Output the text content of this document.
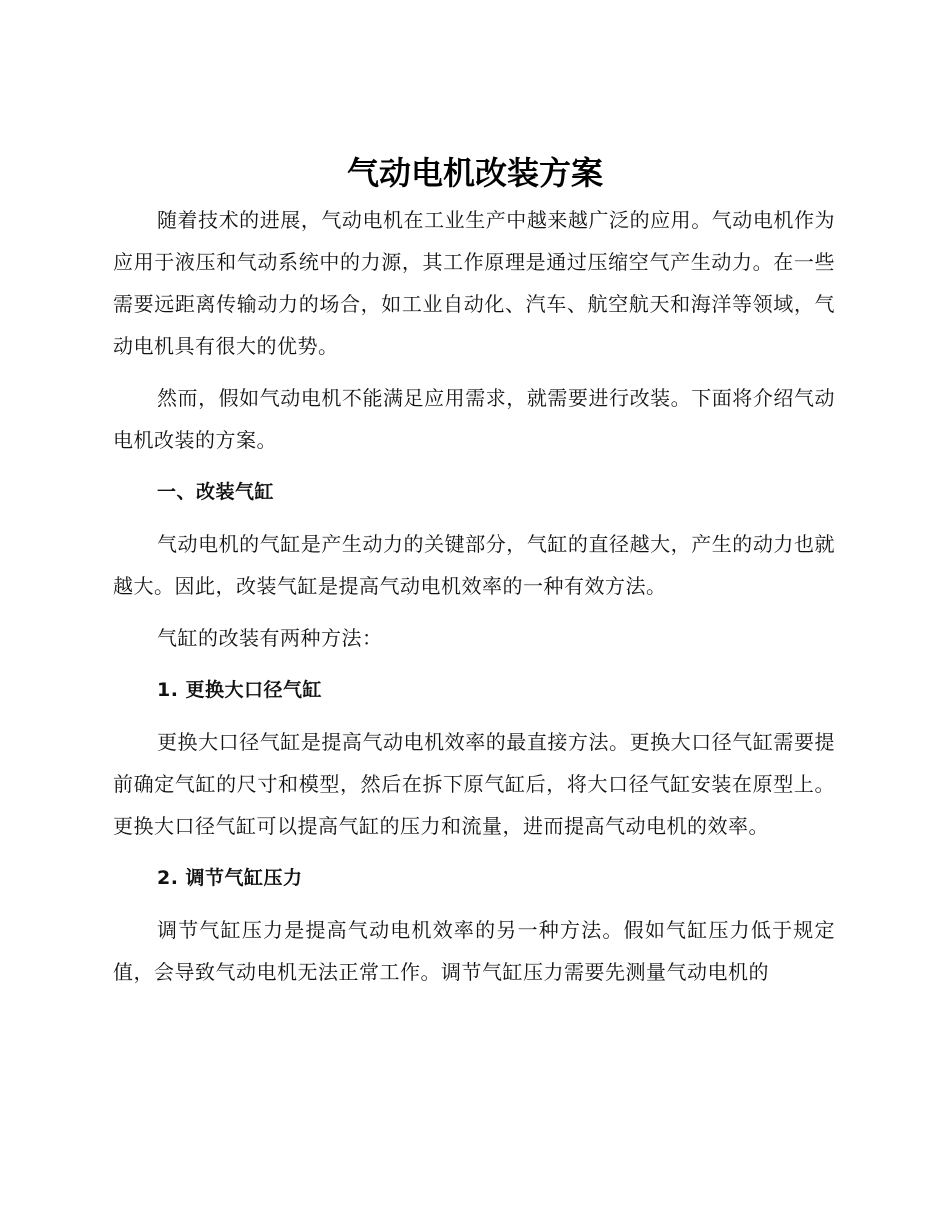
气动电机改装方案

随着技术的进展，气动电机在工业生产中越来越广泛的应用。气动电机作为应用于液压和气动系统中的力源，其工作原理是通过压缩空气产生动力。在一些需要远距离传输动力的场合，如工业自动化、汽车、航空航天和海洋等领域，气动电机具有很大的优势。

然而，假如气动电机不能满足应用需求，就需要进行改装。下面将介绍气动电机改装的方案。

一、改装气缸

气动电机的气缸是产生动力的关键部分，气缸的直径越大，产生的动力也就越大。因此，改装气缸是提高气动电机效率的一种有效方法。

气缸的改装有两种方法：

1. 更换大口径气缸

更换大口径气缸是提高气动电机效率的最直接方法。更换大口径气缸需要提前确定气缸的尺寸和模型，然后在拆下原气缸后，将大口径气缸安装在原型上。更换大口径气缸可以提高气缸的压力和流量，进而提高气动电机的效率。

2. 调节气缸压力

调节气缸压力是提高气动电机效率的另一种方法。假如气缸压力低于规定值，会导致气动电机无法正常工作。调节气缸压力需要先测量气动电机的
